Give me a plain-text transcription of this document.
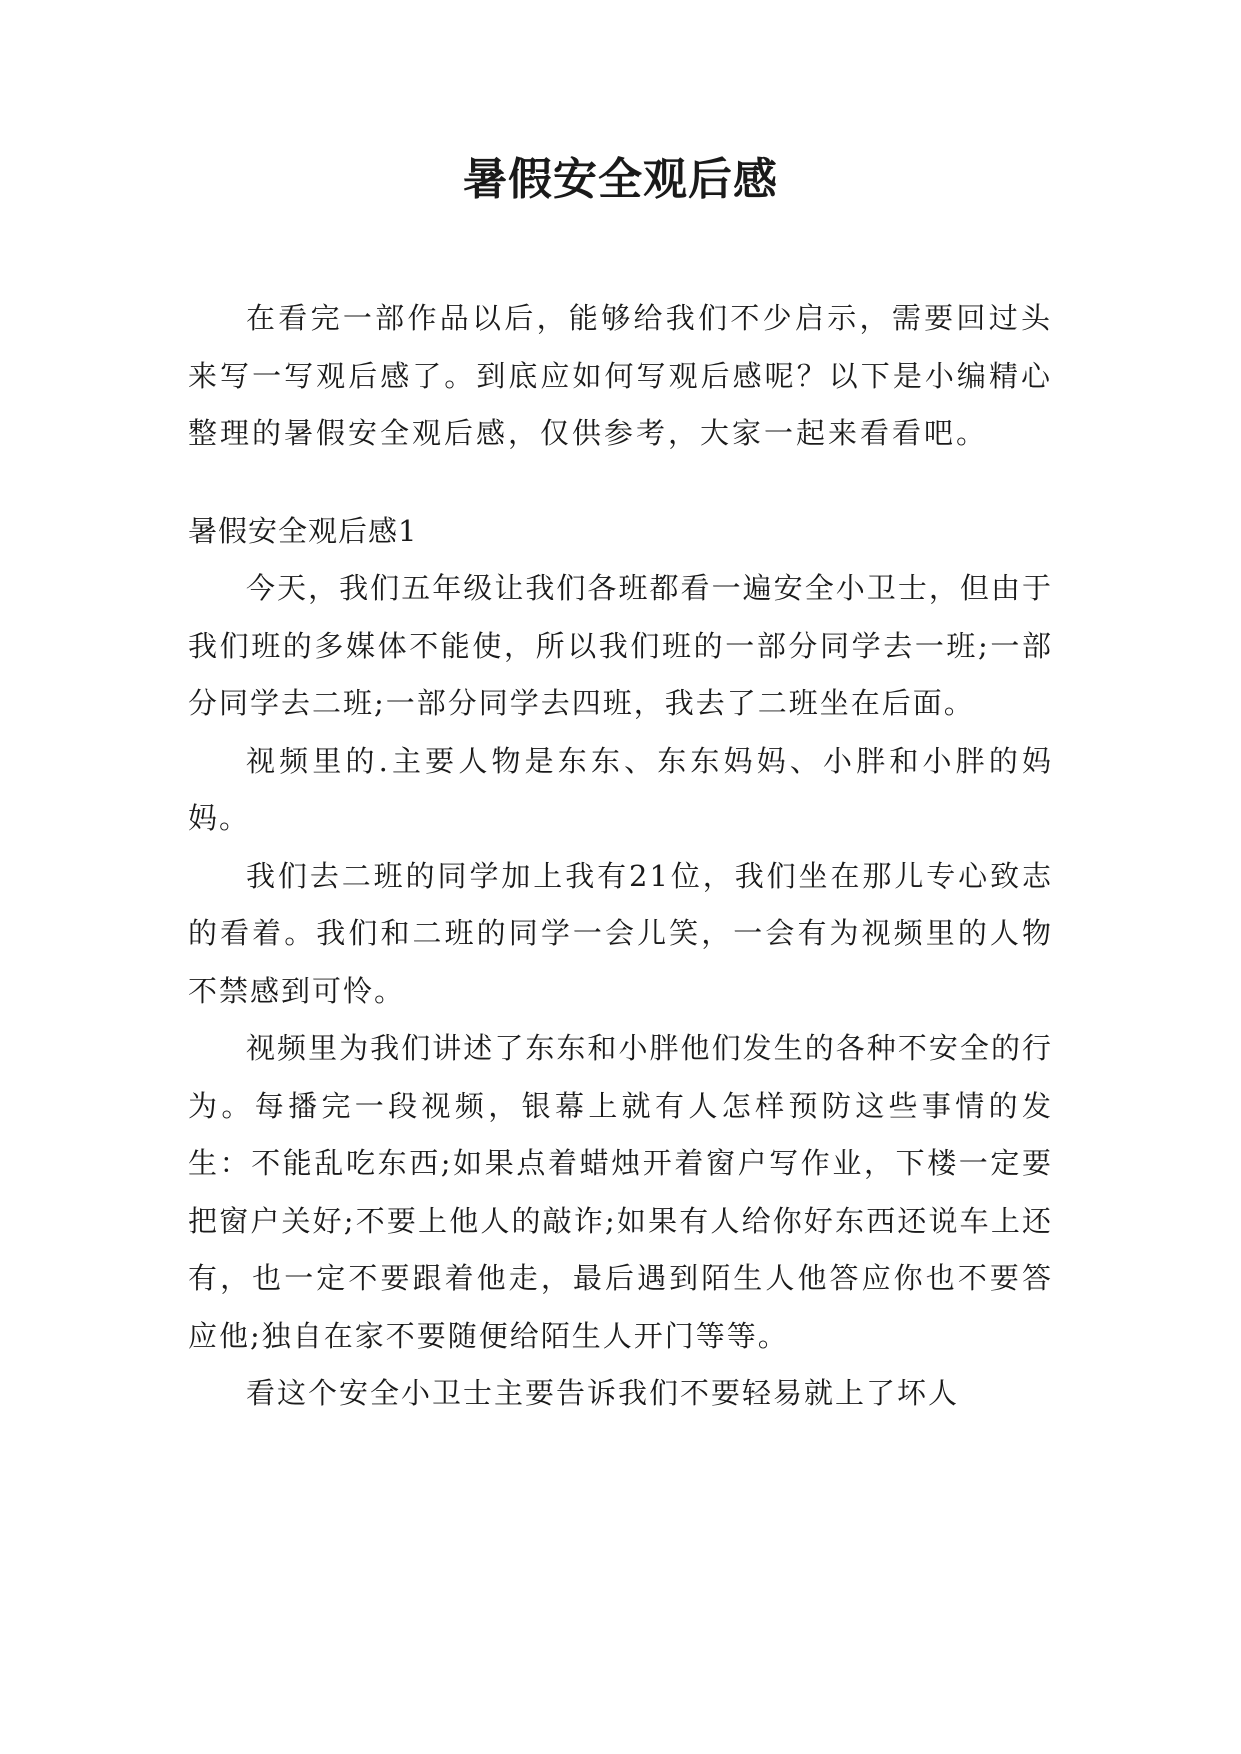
暑假安全观后感

在看完一部作品以后，能够给我们不少启示，需要回过头来写一写观后感了。到底应如何写观后感呢？以下是小编精心整理的暑假安全观后感，仅供参考，大家一起来看看吧。

暑假安全观后感1

今天，我们五年级让我们各班都看一遍安全小卫士，但由于我们班的多媒体不能使，所以我们班的一部分同学去一班;一部分同学去二班;一部分同学去四班，我去了二班坐在后面。

视频里的.主要人物是东东、东东妈妈、小胖和小胖的妈妈。

我们去二班的同学加上我有21位，我们坐在那儿专心致志的看着。我们和二班的同学一会儿笑，一会有为视频里的人物不禁感到可怜。

视频里为我们讲述了东东和小胖他们发生的各种不安全的行为。每播完一段视频，银幕上就有人怎样预防这些事情的发生：不能乱吃东西;如果点着蜡烛开着窗户写作业，下楼一定要把窗户关好;不要上他人的敲诈;如果有人给你好东西还说车上还有，也一定不要跟着他走，最后遇到陌生人他答应你也不要答应他;独自在家不要随便给陌生人开门等等。

看这个安全小卫士主要告诉我们不要轻易就上了坏人
